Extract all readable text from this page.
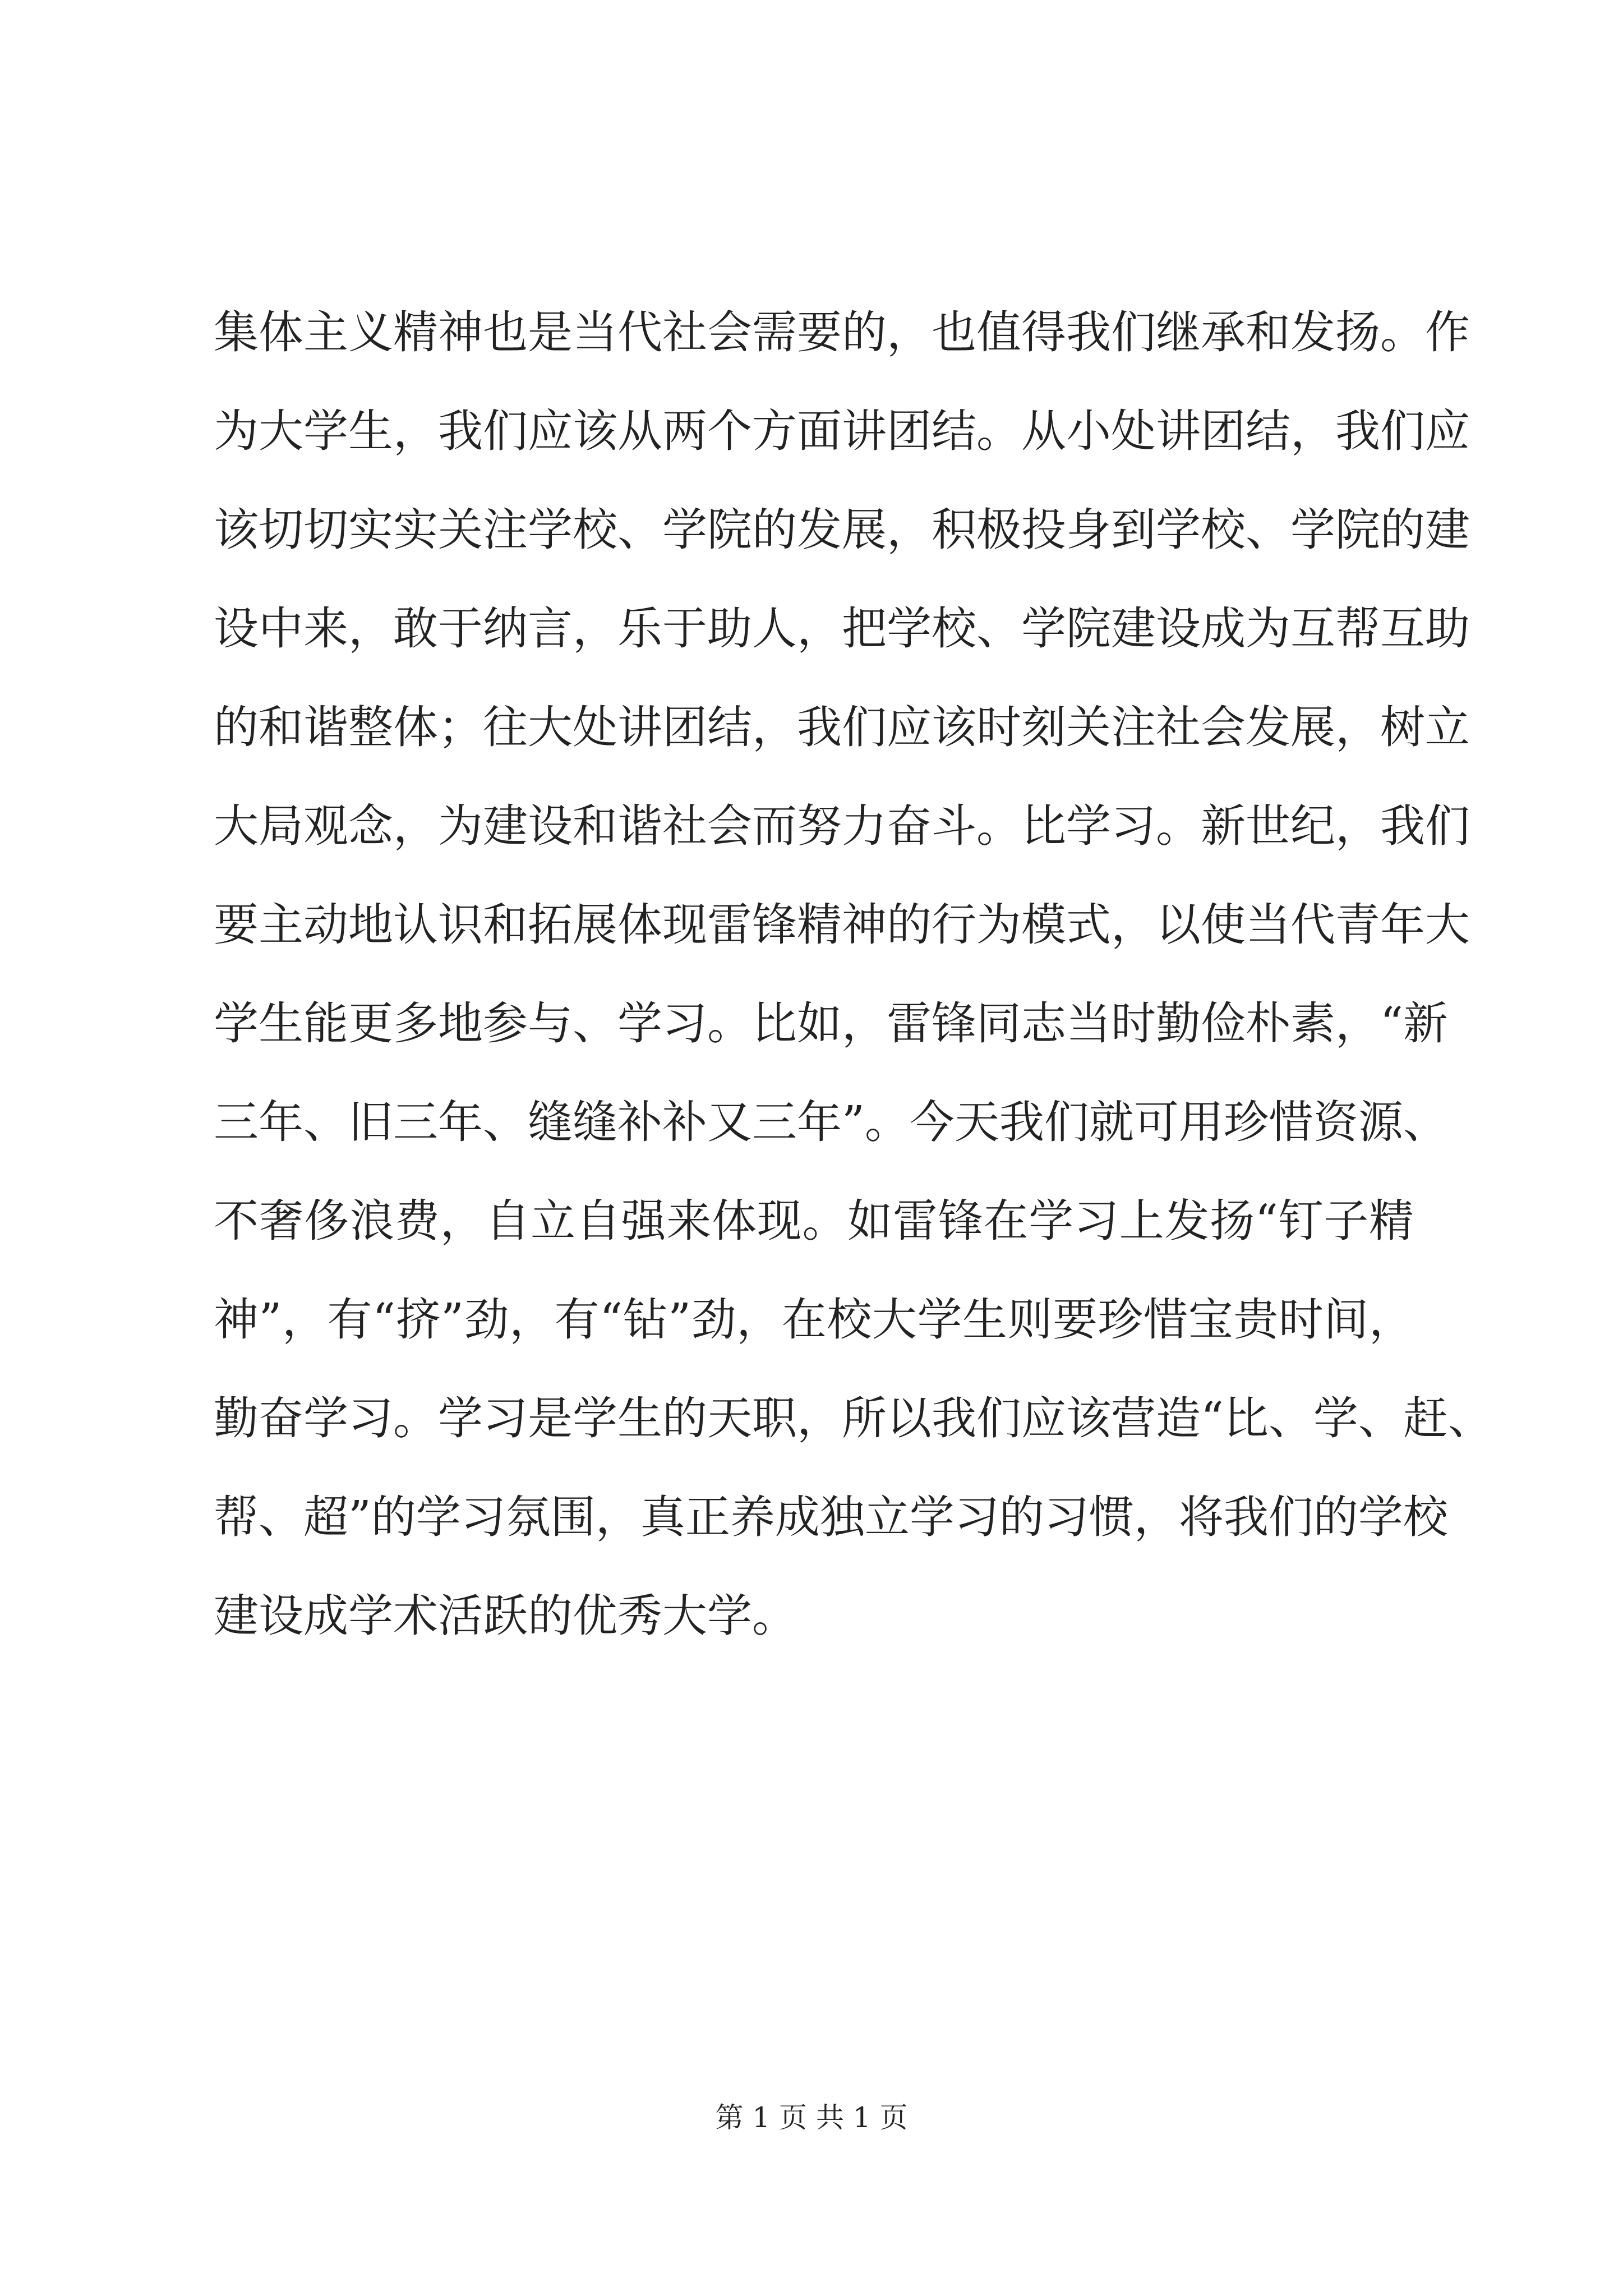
集体主义精神也是当代社会需要的，也值得我们继承和发扬。作
为大学生，我们应该从两个方面讲团结。从小处讲团结，我们应
该切切实实关注学校、学院的发展，积极投身到学校、学院的建
设中来，敢于纳言，乐于助人，把学校、学院建设成为互帮互助
的和谐整体；往大处讲团结，我们应该时刻关注社会发展，树立
大局观念，为建设和谐社会而努力奋斗。比学习。新世纪，我们
要主动地认识和拓展体现雷锋精神的行为模式，以使当代青年大
学生能更多地参与、学习。比如，雷锋同志当时勤俭朴素，“新
三年、旧三年、缝缝补补又三年”。今天我们就可用珍惜资源、
不奢侈浪费，自立自强来体现。如雷锋在学习上发扬“钉子精
神”，有“挤”劲，有“钻”劲，在校大学生则要珍惜宝贵时间，
勤奋学习。学习是学生的天职，所以我们应该营造“比、学、赶、
帮、超”的学习氛围，真正养成独立学习的习惯，将我们的学校
建设成学术活跃的优秀大学。
第 1 页 共 1 页
